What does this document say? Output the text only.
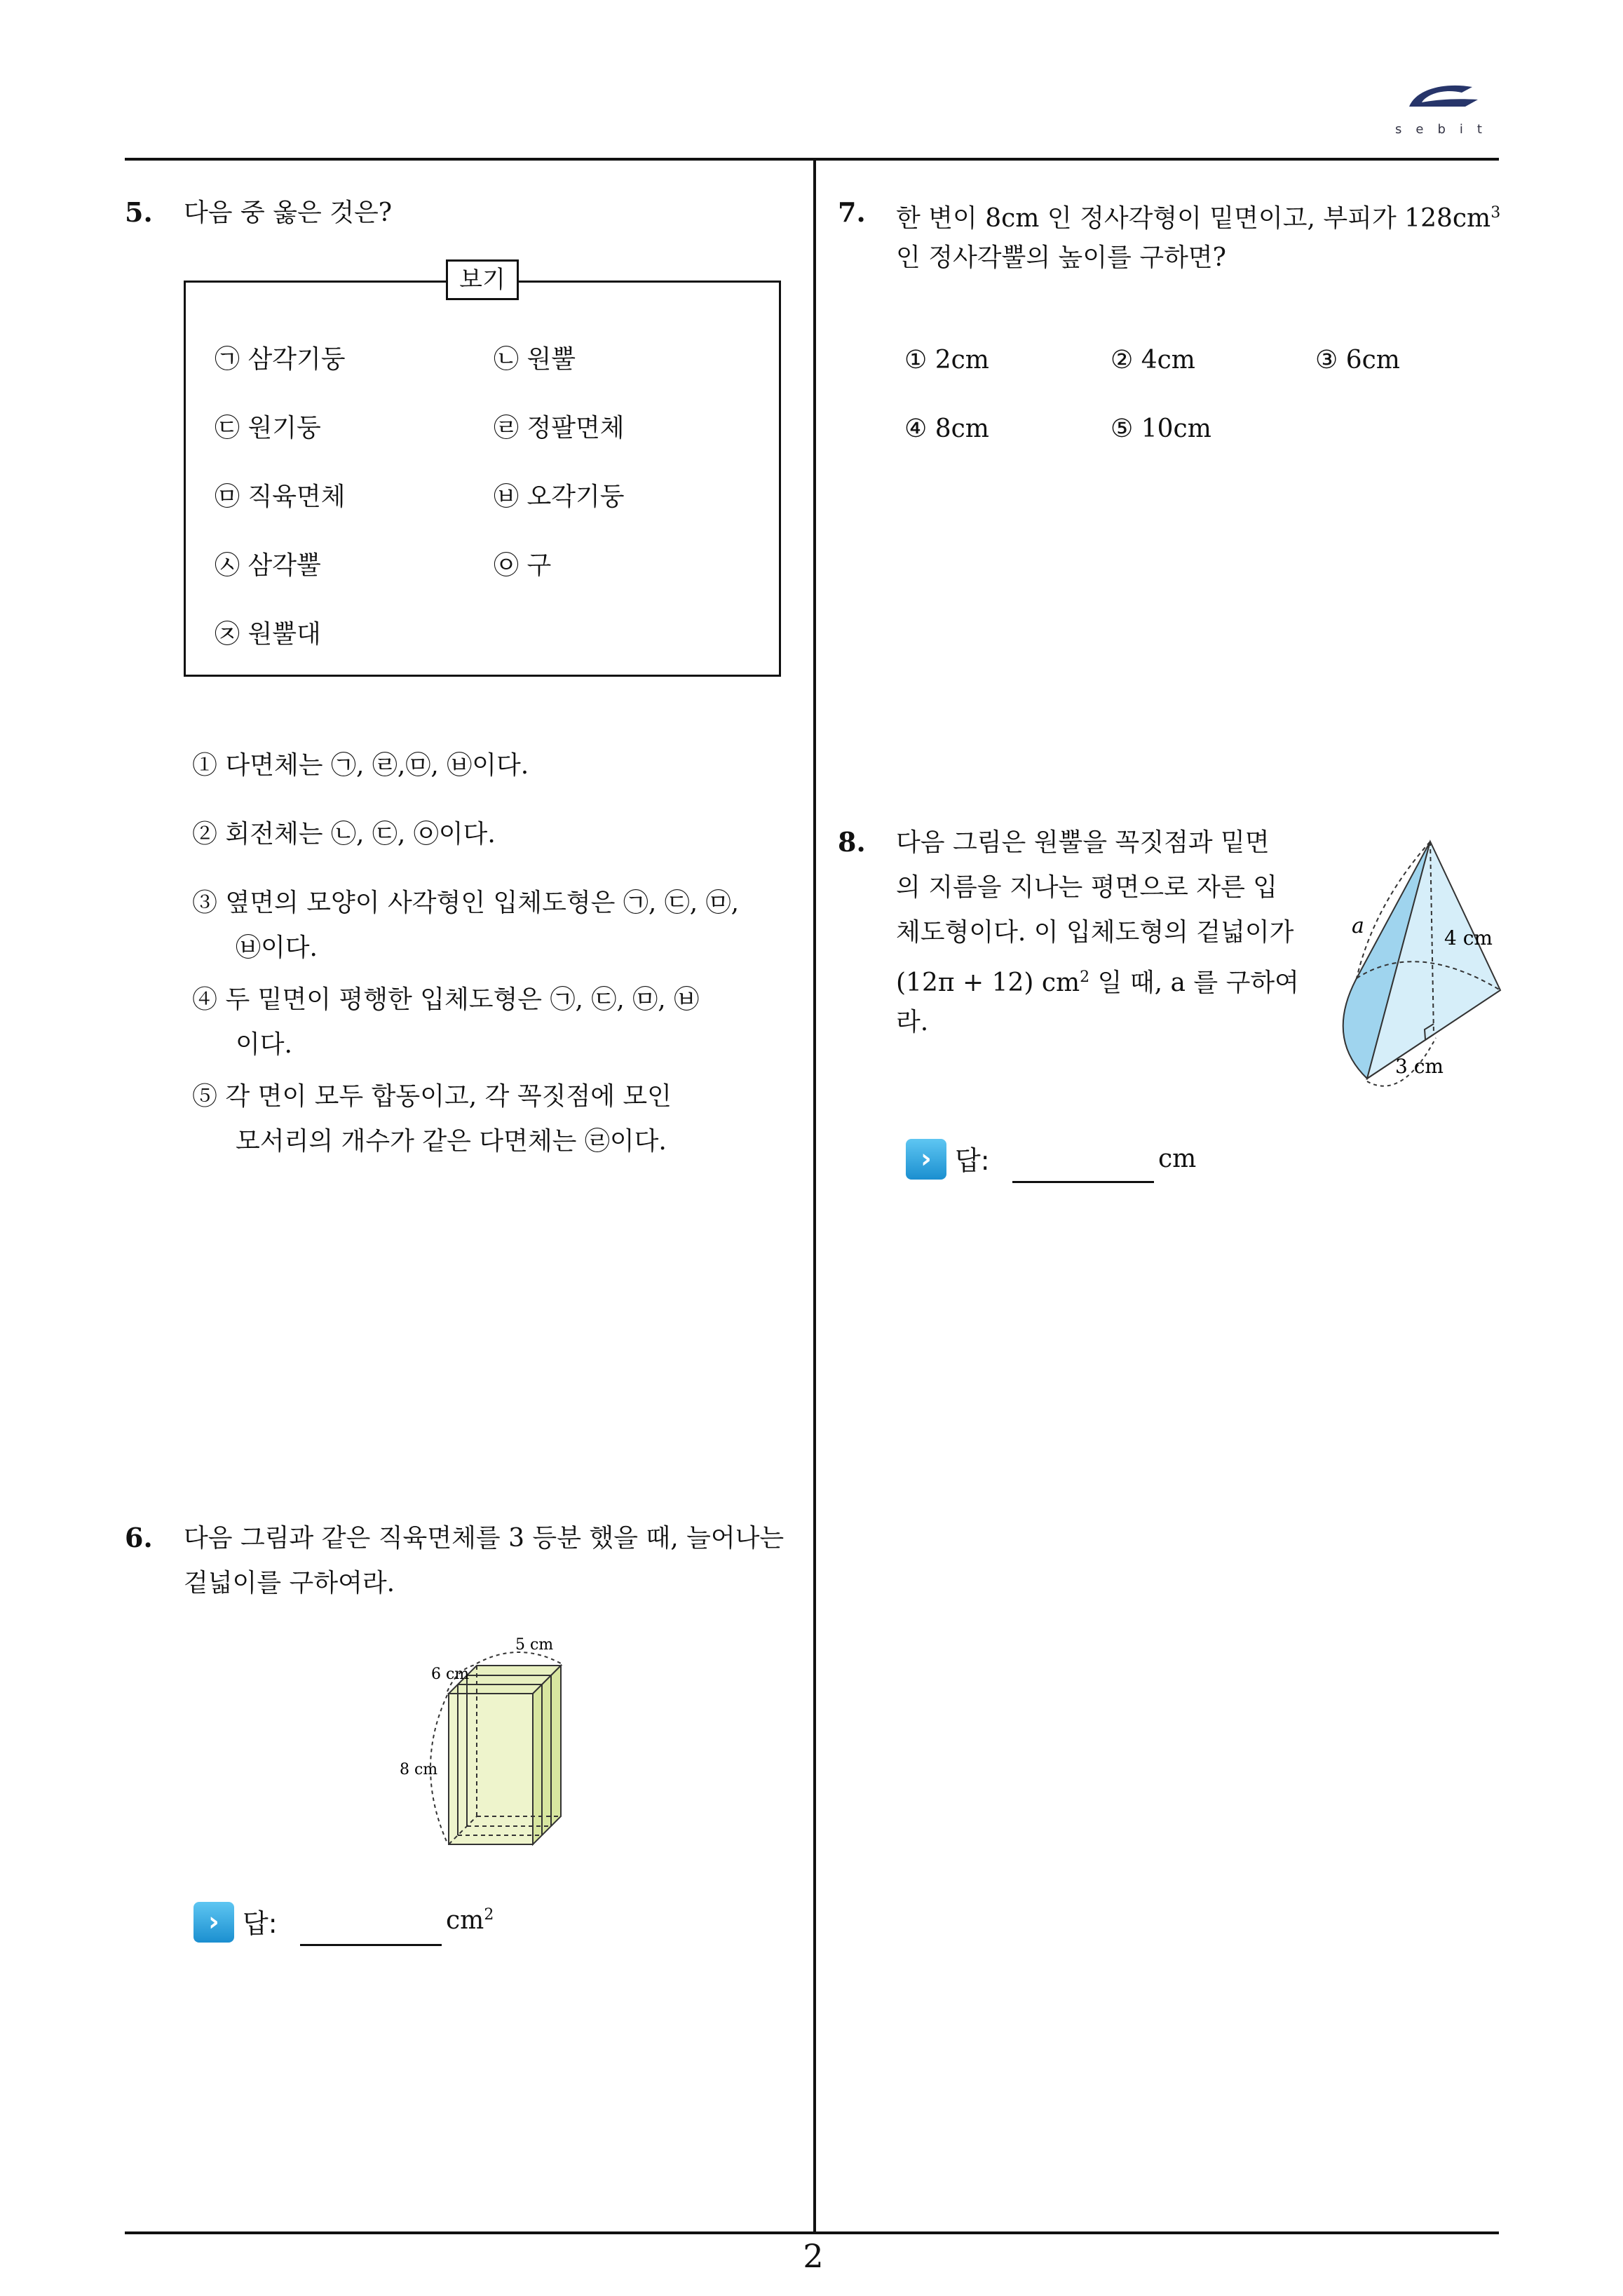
sebit
5. 다음 중 옳은 것은?
보기
㉠ 삼각기둥	㉡ 원뿔
㉢ 원기둥	㉣ 정팔면체
㉤ 직육면체	㉥ 오각기둥
㉦ 삼각뿔	㉧ 구
㉨ 원뿔대
① 다면체는 ㉠, ㉣,㉤, ㉥이다.
② 회전체는 ㉡, ㉢, ㉧이다.
③ 옆면의 모양이 사각형인 입체도형은 ㉠, ㉢, ㉤,
㉥이다.
④ 두 밑면이 평행한 입체도형은 ㉠, ㉢, ㉤, ㉥
이다.
⑤ 각 면이 모두 합동이고, 각 꼭짓점에 모인
모서리의 개수가 같은 다면체는 ㉣이다.
6. 다음 그림과 같은 직육면체를 3 등분 했을 때, 늘어나는
겉넓이를 구하여라.
5 cm
6 cm
8 cm
› 답:	$cm^2$
7. 한 변이 8cm 인 정사각형이 밑면이고, 부피가 $128cm^3$
인 정사각뿔의 높이를 구하면?
① 2cm	② 4cm	③ 6cm
④ 8cm	⑤ 10cm
8. 다음 그림은 원뿔을 꼭짓점과 밑면
의 지름을 지나는 평면으로 자른 입
체도형이다. 이 입체도형의 겉넓이가
(12π + 12) $cm^2$ 일 때, a 를 구하여
라.
a	4 cm
3 cm
› 답:	cm
2
